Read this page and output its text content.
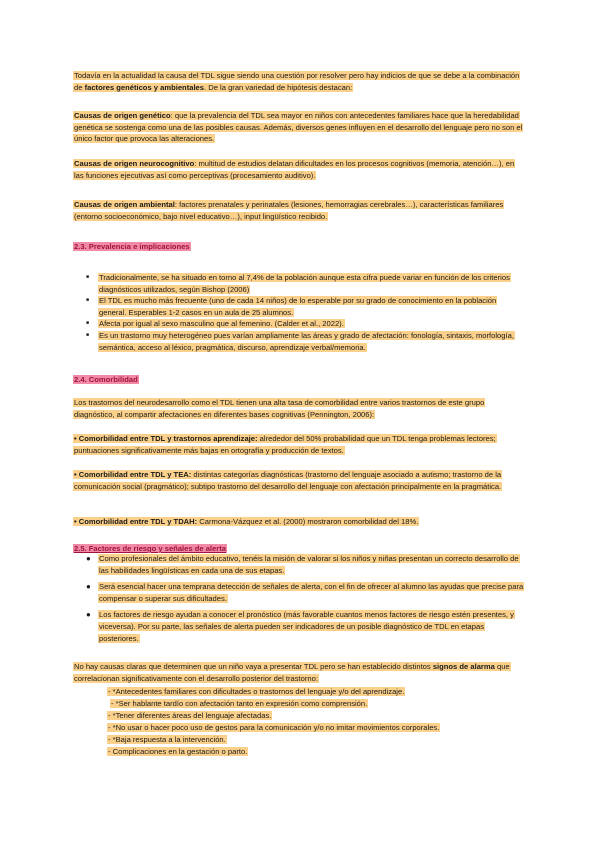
Todavía en la actualidad la causa del TDL sigue siendo una cuestión por resolver pero hay indicios de que se debe a la combinación de factores genéticos y ambientales. De la gran variedad de hipótesis destacan:

Causas de origen genético: que la prevalencia del TDL sea mayor en niños con antecedentes familiares hace que la heredabilidad genética se sostenga como una de las posibles causas. Además, diversos genes influyen en el desarrollo del lenguaje pero no son el único factor que provoca las alteraciones.

Causas de origen neurocognitivo: multitud de estudios delatan dificultades en los procesos cognitivos (memoria, atención…), en las funciones ejecutivas así como perceptivas (procesamiento auditivo).

Causas de origen ambiental: factores prenatales y perinatales (lesiones, hemorragias cerebrales…), características familiares (entorno socioeconómico, bajo nivel educativo…), input lingüístico recibido.

2.3. Prevalencia e implicaciones

■ Tradicionalmente, se ha situado en torno al 7,4% de la población aunque esta cifra puede variar en función de los criterios diagnósticos utilizados, según Bishop (2006)
■ El TDL es mucho más frecuente (uno de cada 14 niños) de lo esperable por su grado de conocimiento en la población general. Esperables 1-2 casos en un aula de 25 alumnos.
■ Afecta por igual al sexo masculino que al femenino. (Calder et al., 2022).
■ Es un trastorno muy heterogéneo pues varían ampliamente las áreas y grado de afectación: fonología, sintaxis, morfología, semántica, acceso al léxico, pragmática, discurso, aprendizaje verbal/memoria.

2.4. Comorbilidad

Los trastornos del neurodesarrollo como el TDL tienen una alta tasa de comorbilidad entre varios trastornos de este grupo diagnóstico, al compartir afectaciones en diferentes bases cognitivas (Pennington, 2006):

• Comorbilidad entre TDL y trastornos aprendizaje: alrededor del 50% probabilidad que un TDL tenga problemas lectores; puntuaciones significativamente más bajas en ortografía y producción de textos.

• Comorbilidad entre TDL y TEA: distintas categorías diagnósticas (trastorno del lenguaje asociado a autismo; trastorno de la comunicación social (pragmático); subtipo trastorno del desarrollo del lenguaje con afectación principalmente en la pragmática.

• Comorbilidad entre TDL y TDAH: Carmona-Vázquez et al. (2000) mostraron comorbilidad del 18%.

2.5. Factores de riesgo y señales de alerta

● Como profesionales del ámbito educativo, tenéis la misión de valorar si los niños y niñas presentan un correcto desarrollo de las habilidades lingüísticas en cada una de sus etapas.
● Será esencial hacer una temprana detección de señales de alerta, con el fin de ofrecer al alumno las ayudas que precise para compensar o superar sus dificultades.
● Los factores de riesgo ayudan a conocer el pronóstico (más favorable cuantos menos factores de riesgo estén presentes, y viceversa). Por su parte, las señales de alerta pueden ser indicadores de un posible diagnóstico de TDL en etapas posteriores.

No hay causas claras que determinen que un niño vaya a presentar TDL pero se han establecido distintos signos de alarma que correlacionan significativamente con el desarrollo posterior del trastorno:

- *Antecedentes familiares con dificultades o trastornos del lenguaje y/o del aprendizaje.
- *Ser hablante tardío con afectación tanto en expresión como comprensión.
- *Tener diferentes áreas del lenguaje afectadas.
- *No usar o hacer poco uso de gestos para la comunicación y/o no imitar movimientos corporales.
- *Baja respuesta a la intervención.
- Complicaciones en la gestación o parto.
